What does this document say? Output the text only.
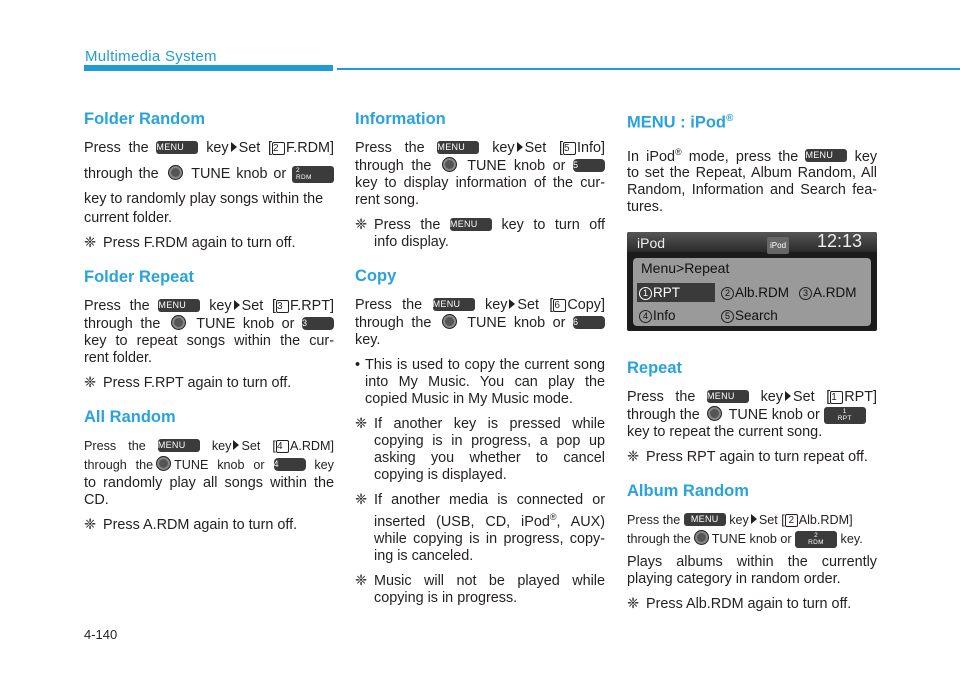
Multimedia System
Folder Random

Press the MENU key Set [2 F.RDM]

through the TUNE knob or 2
RDM

key to randomly play songs within the

current folder.

❈ Press F.RDM again to turn off.
Folder Repeat

Press the MENU key Set [3 F.RPT]

through the TUNE knob or 3

key to repeat songs within the cur-

rent folder.

❈ Press F.RPT again to turn off.
All Random

Press the MENU key Set [4 A.RDM]

through the TUNE knob or 4	key

to randomly play all songs within the

CD.

❈ Press A.RDM again to turn off.
Information

Press the MENU key Set [5 Info]

through the TUNE knob or 5

key to display information of the cur-

rent song.

❈ Press the MENU key to turn off
info display.
Copy

Press the MENU key Set [6 Copy]

through the TUNE knob or 6

key.

• This is used to copy the current song into My Music. You can play the copied Music in My Music mode.
❈ If another key is pressed while copying is in progress, a pop up asking you whether to cancel copying is displayed.
❈ If another media is connected or inserted (USB, CD, iPod®, AUX) while copying is in progress, copy-ing is canceled.
❈ Music will not be played while copying is in progress.
MENU : iPod®

In iPod® mode, press the MENU key

to set the Repeat, Album Random, All

Random, Information and Search fea-

tures.

iPod	iPod 12:13
Menu>Repeat
1 RPT	2 Alb.RDM	3 A.RDM
4 Info	5 Search
Repeat

Press the MENU key Set [1 RPT]

through the TUNE knob or	1
RPT

key to repeat the current song.

❈ Press RPT again to turn repeat off.
Album Random

Press the MENU key Set [ 2 Alb.RDM]

through the TUNE knob or	2
RDM key.

Plays albums within the currently

playing category in random order.

❈ Press Alb.RDM again to turn off.
4-140
